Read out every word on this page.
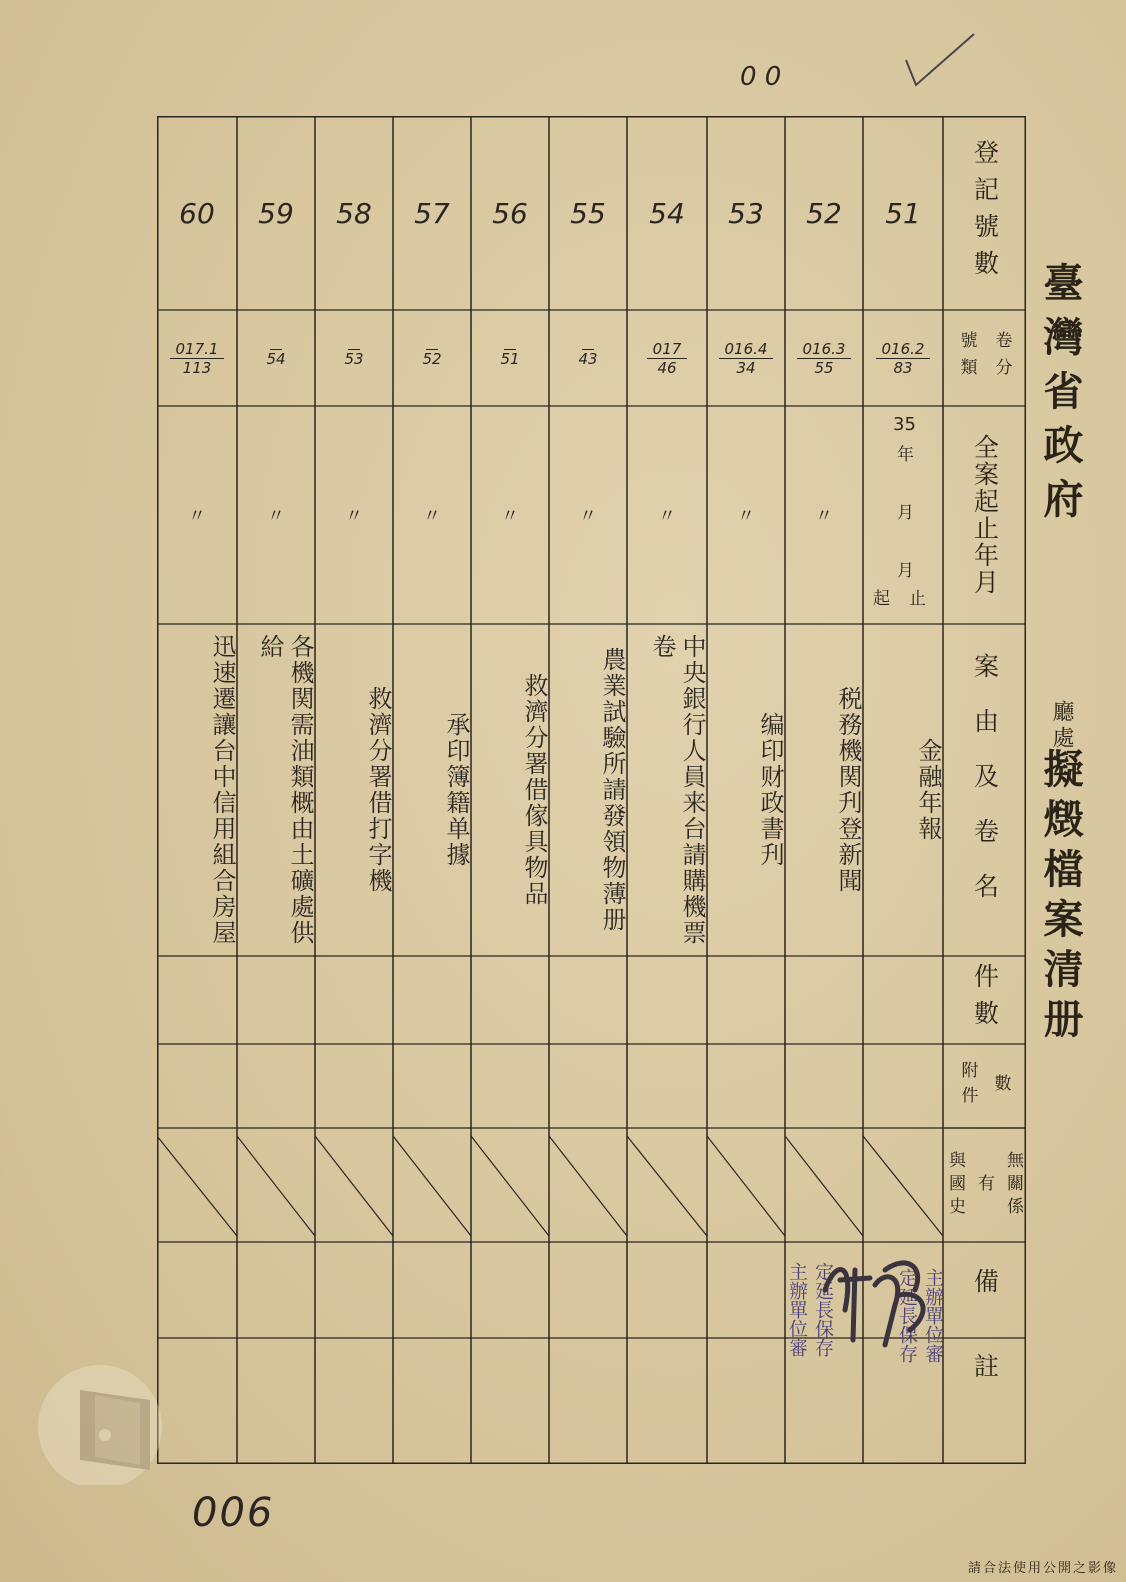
0 0
登記號數
號類 卷分
全案起止年月
案由及卷名
件數
附件 數
與國史 有 無關係
備註
51
$\frac{016.2}{83}$
35
年
月
月
起 止
金融年報
52
$\frac{016.3}{55}$
〃
税務機関刋登新聞
53
$\frac{016.4}{34}$
〃
编印财政書刋
54
$\frac{017}{46}$
〃
中央銀行人員来台請購機票卷
55
43
〃
農業試驗所請發領物薄册
56
51
〃
救濟分署借傢具物品
57
52
〃
承印簿籍单據
58
53
〃
救濟分署借打字機
59
54
〃
各機関需油類概由土礦處供給
60
$\frac{017.1}{113}$
〃
迅速遷讓台中信用組合房屋
臺灣省政府
廳處
擬燬檔案清册
主辦單位審 定延長保存	主辦單位審
定延長保存
006
請合法使用公開之影像
